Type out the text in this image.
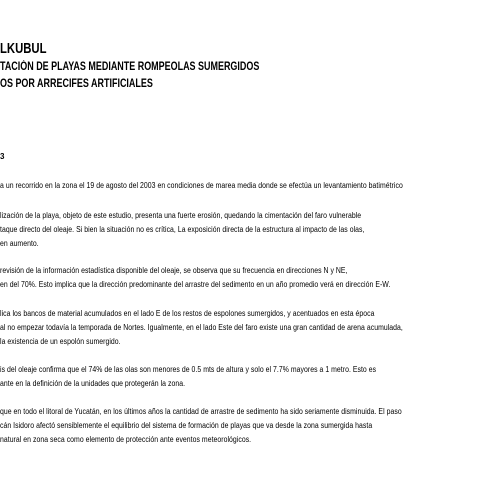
LKUBUL
TACIÓN DE PLAYAS MEDIANTE ROMPEOLAS SUMERGIDOS
OS POR ARRECIFES ARTIFICIALES
3
a un recorrido en la zona el 19 de agosto del 2003 en condiciones de marea media donde se efectúa un levantamiento batimétrico
lización de la playa, objeto de este estudio, presenta una fuerte erosión, quedando la cimentación del faro vulnerable
taque directo del oleaje. Si bien la situación no es crítica, La exposición directa de la estructura al impacto de las olas,
en aumento.
revisión de la información estadística disponible del oleaje, se observa que su frecuencia en direcciones N y NE,
en del 70%. Esto implica que la dirección predominante del arrastre del sedimento en un año promedio verá en dirección E-W.
lica los bancos de material acumulados en el lado E de los restos de espolones sumergidos, y acentuados en esta época
al no empezar todavía la temporada de Nortes. Igualmente, en el lado Este del faro existe una gran cantidad de arena acumulada,
la existencia de un espolón sumergido.
is del oleaje confirma que el 74% de las olas son menores de 0.5 mts de altura y solo el 7.7% mayores a 1 metro. Esto es
ante en la definición de la unidades que protegerán la zona.
que en todo el litoral de Yucatán, en los últimos años la cantidad de arrastre de sedimento ha sido seriamente disminuida. El paso
cán Isidoro afectó sensiblemente el equilibrio del sistema de formación de playas que va desde la zona sumergida hasta
natural en zona seca como elemento de protección ante eventos meteorológicos.
